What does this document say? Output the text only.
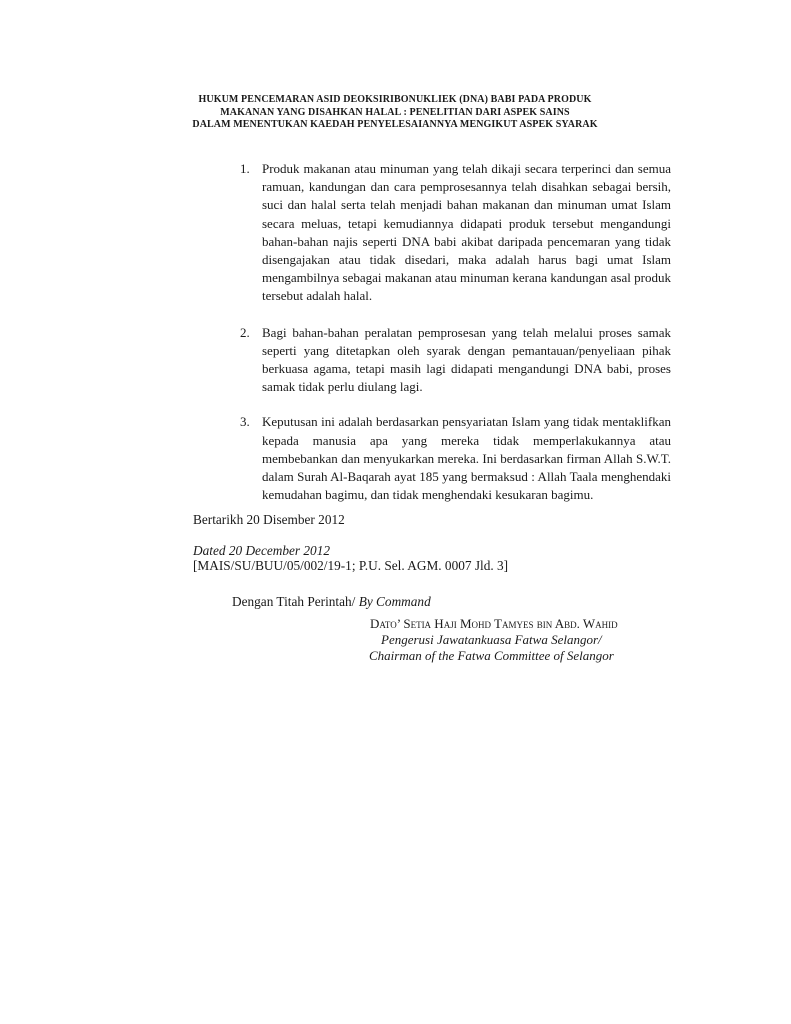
HUKUM PENCEMARAN ASID DEOKSIRIBONUKLIEK (DNA) BABI PADA PRODUK
MAKANAN YANG DISAHKAN HALAL : PENELITIAN DARI ASPEK SAINS
DALAM MENENTUKAN KAEDAH PENYELESAIANNYA MENGIKUT ASPEK SYARAK
1. Produk makanan atau minuman yang telah dikaji secara terperinci dan semua ramuan, kandungan dan cara pemprosesannya telah disahkan sebagai bersih, suci dan halal serta telah menjadi bahan makanan dan minuman umat Islam secara meluas, tetapi kemudiannya didapati produk tersebut mengandungi bahan-bahan najis seperti DNA babi akibat daripada pencemaran yang tidak disengajakan atau tidak disedari, maka adalah harus bagi umat Islam mengambilnya sebagai makanan atau minuman kerana kandungan asal produk tersebut adalah halal.
2. Bagi bahan-bahan peralatan pemprosesan yang telah melalui proses samak seperti yang ditetapkan oleh syarak dengan pemantauan/penyeliaan pihak berkuasa agama, tetapi masih lagi didapati mengandungi DNA babi, proses samak tidak perlu diulang lagi.
3. Keputusan ini adalah berdasarkan pensyariatan Islam yang tidak mentaklifkan kepada manusia apa yang mereka tidak memperlakukannya atau membebankan dan menyukarkan mereka. Ini berdasarkan firman Allah S.W.T. dalam Surah Al-Baqarah ayat 185 yang bermaksud : Allah Taala menghendaki kemudahan bagimu, dan tidak menghendaki kesukaran bagimu.
Bertarikh 20 Disember 2012
Dated 20 December 2012
[MAIS/SU/BUU/05/002/19-1; P.U. Sel. AGM. 0007 Jld. 3]
Dengan Titah Perintah/ By Command
Dato’ Setia Haji Mohd Tamyes bin Abd. Wahid
Pengerusi Jawatankuasa Fatwa Selangor/
Chairman of the Fatwa Committee of Selangor
